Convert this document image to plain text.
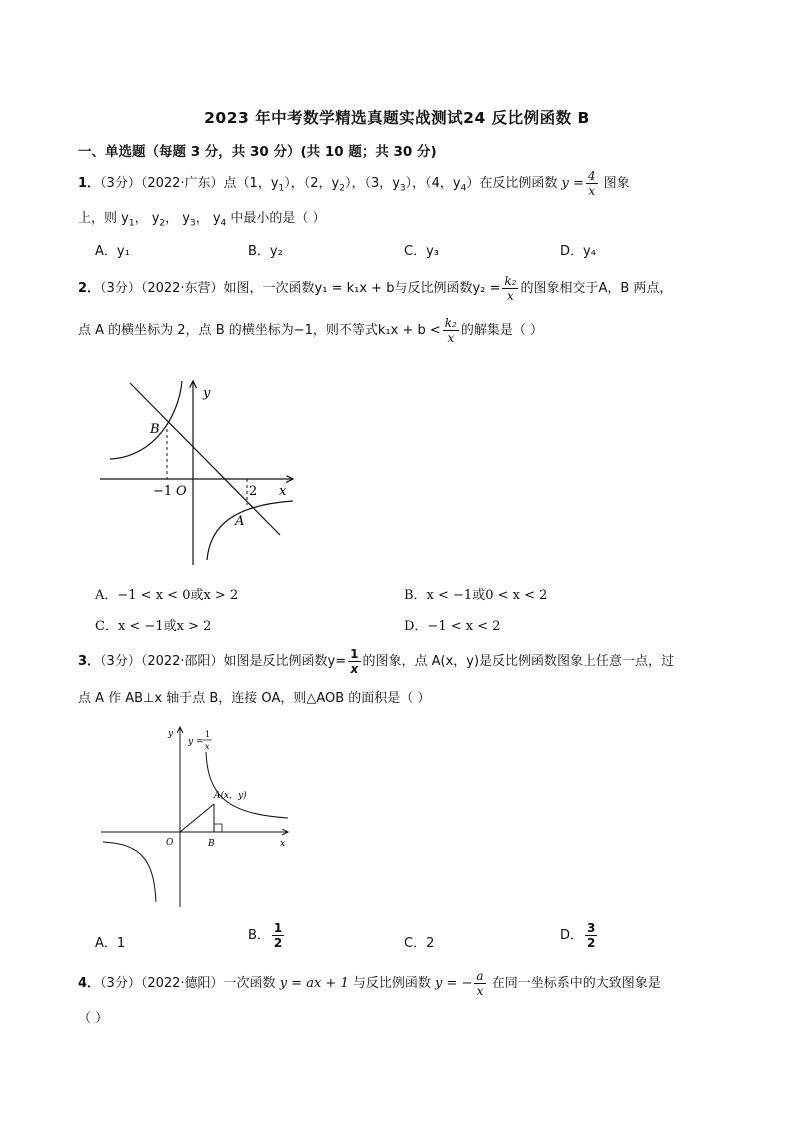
2023 年中考数学精选真题实战测试24 反比例函数 B
一、单选题（每题 3 分，共 30 分）(共 10 题；共 30 分)
1．（3分）（2022·广东）点（1，$y_1$），（2，$y_2$），（3，$y_3$），（4，$y_4$）在反比例函数 $y = \frac{4}{x}$ 图象
上，则 $y_1$， $y_2$， $y_3$， $y_4$ 中最小的是（ ）
A．y₁	B．y₂	C．y₃	D．y₄
2．（3分）（2022·东营）如图，一次函数y₁ = k₁x + b与反比例函数$y_2 = \frac{\text{k₂}}{x}$ 的图象相交于A，B 两点，
点 A 的横坐标为 2，点 B 的横坐标为−1，则不等式$k_1x + b < \frac{\text{k₂}}{x}$ 的解集是（ ）
B
A
O
y
x
−1	2
A．−1 < x < 0或x > 2	B．x < −1或0 < x < 2
C．x < −1或x > 2	D．−1 < x < 2
3．（3分）（2022·邵阳）如图是反比例函数$y= \frac{1}{x}$ 的图象，点 A(x，y)是反比例函数图象上任意一点，过
点 A 作 AB⊥x 轴于点 B，连接 OA，则△AOB 的面积是（ ）
y
x
O	B
A(x，y)
y =
1
x
A．1
B． $\frac{1}{2}$	C．2
D． $\frac{3}{2}$
4．（3分）（2022·德阳）一次函数 y = ax + 1 与反比例函数 y = − $\frac{a}{x}$ 在同一坐标系中的大致图象是
（ ）
